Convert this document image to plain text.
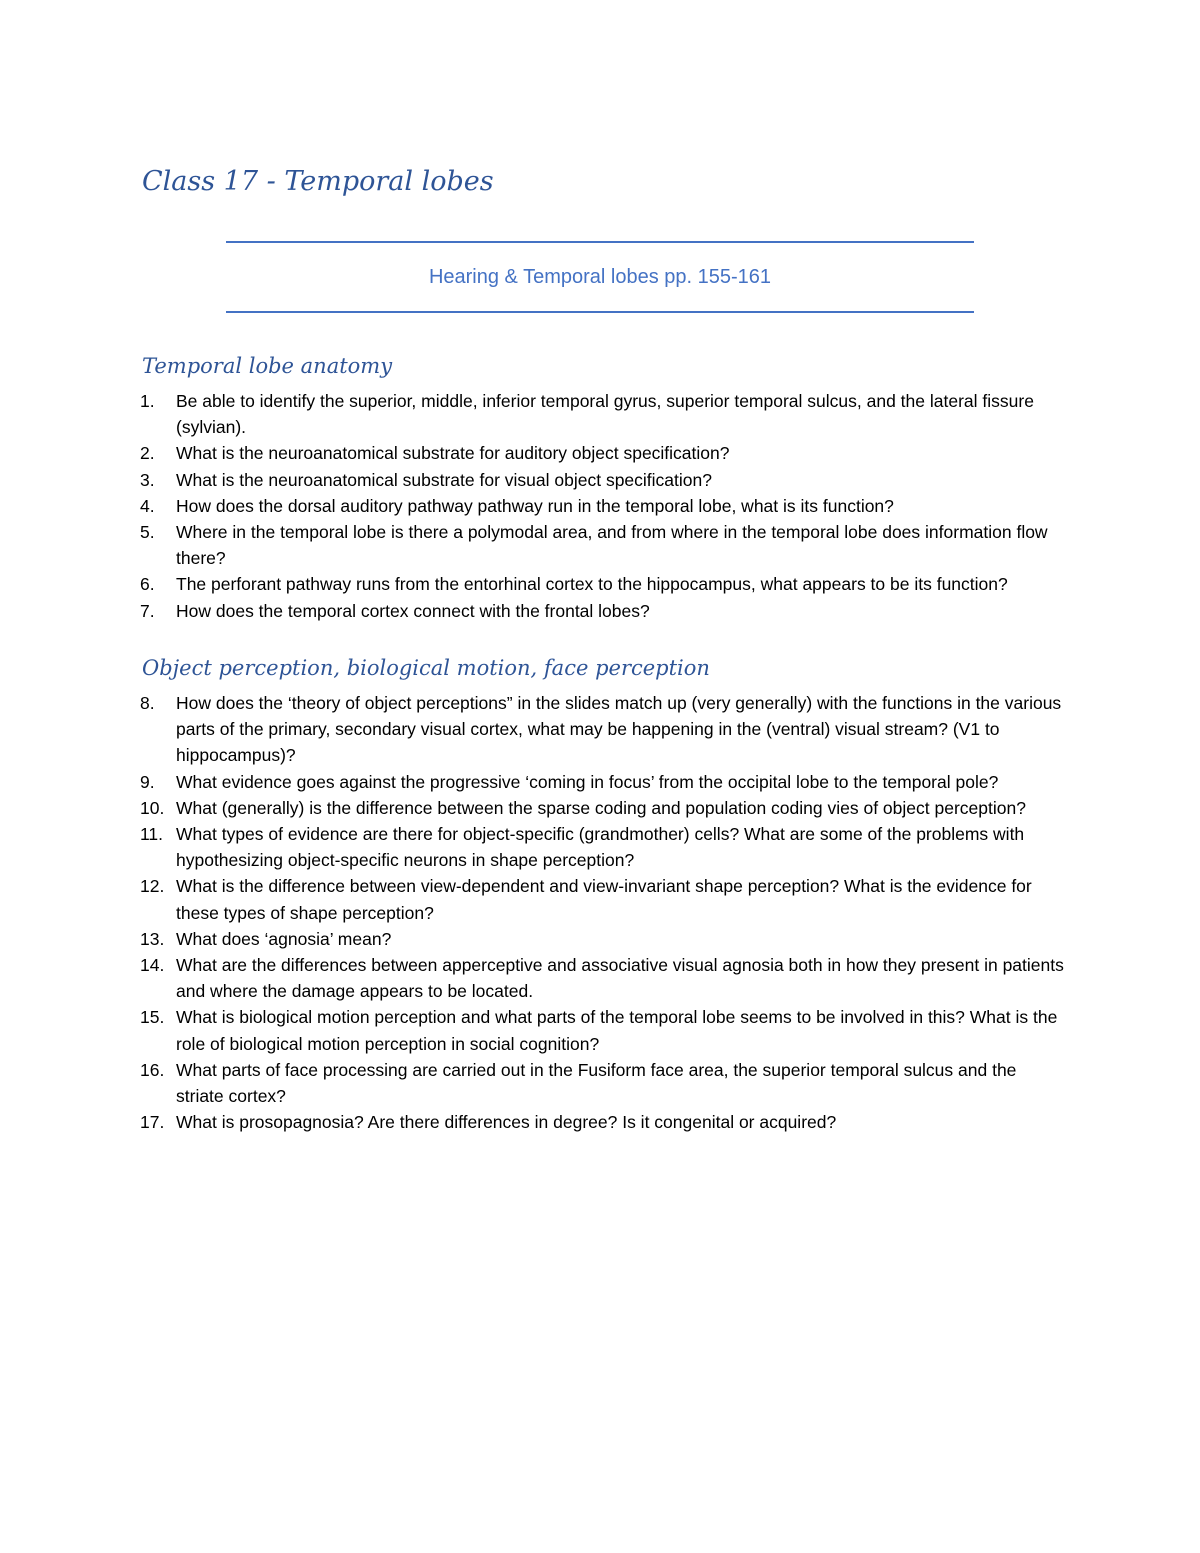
Class 17 - Temporal lobes
Hearing & Temporal lobes pp. 155-161
Temporal lobe anatomy
1.	Be able to identify the superior, middle, inferior temporal gyrus, superior temporal sulcus, and the lateral fissure (sylvian).
2.	What is the neuroanatomical substrate for auditory object specification?
3.	What is the neuroanatomical substrate for visual object specification?
4.	How does the dorsal auditory pathway pathway run in the temporal lobe, what is its function?
5.	Where in the temporal lobe is there a polymodal area, and from where in the temporal lobe does information flow there?
6.	The perforant pathway runs from the entorhinal cortex to the hippocampus, what appears to be its function?
7.	How does the temporal cortex connect with the frontal lobes?
Object perception, biological motion, face perception
8.	How does the ‘theory of object perceptions” in the slides match up (very generally) with the functions in the various parts of the primary, secondary visual cortex, what may be happening in the (ventral) visual stream? (V1 to hippocampus)?
9.	What evidence goes against the progressive ‘coming in focus’ from the occipital lobe to the temporal pole?
10. What (generally) is the difference between the sparse coding and population coding vies of object perception?
11. What types of evidence are there for object-specific (grandmother) cells? What are some of the problems with hypothesizing object-specific neurons in shape perception?
12. What is the difference between view-dependent and view-invariant shape perception? What is the evidence for these types of shape perception?
13. What does ‘agnosia’ mean?
14. What are the differences between apperceptive and associative visual agnosia both in how they present in patients and where the damage appears to be located.
15. What is biological motion perception and what parts of the temporal lobe seems to be involved in this? What is the role of biological motion perception in social cognition?
16. What parts of face processing are carried out in the Fusiform face area, the superior temporal sulcus and the striate cortex?
17. What is prosopagnosia? Are there differences in degree? Is it congenital or acquired?
